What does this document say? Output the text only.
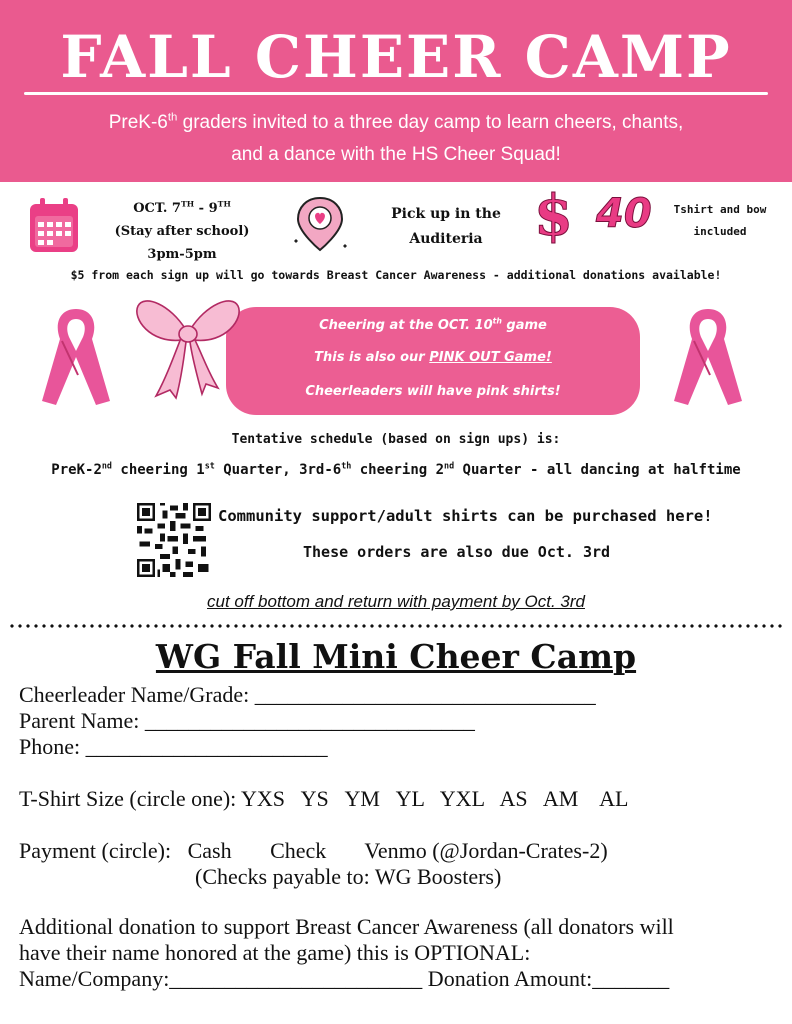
FALL CHEER CAMP
PreK-6th graders invited to a three day camp to learn cheers, chants,
and a dance with the HS Cheer Squad!
OCT. 7TH - 9TH
(Stay after school)
3pm-5pm
Pick up in the
Auditeria $ 40 Tshirt and bow
included
$5 from each sign up will go towards Breast Cancer Awareness - additional donations available!
Cheering at the OCT. 10th game
This is also our PINK OUT Game!
Cheerleaders will have pink shirts!
Tentative schedule (based on sign ups) is:
PreK-2nd cheering 1st Quarter, 3rd-6th cheering 2nd Quarter - all dancing at halftime
Community support/adult shirts can be purchased here!
These orders are also due Oct. 3rd
cut off bottom and return with payment by Oct. 3rd
WG Fall Mini Cheer Camp
Cheerleader Name/Grade: _______________________________
Parent Name: ______________________________
Phone: ______________________
T-Shirt Size (circle one): YXS   YS   YM   YL   YXL   AS   AM    AL
Payment (circle):   Cash       Check       Venmo (@Jordan-Crates-2)
(Checks payable to: WG Boosters)
Additional donation to support Breast Cancer Awareness (all donators will
have their name honored at the game) this is OPTIONAL:
Name/Company:_______________________ Donation Amount:_______
